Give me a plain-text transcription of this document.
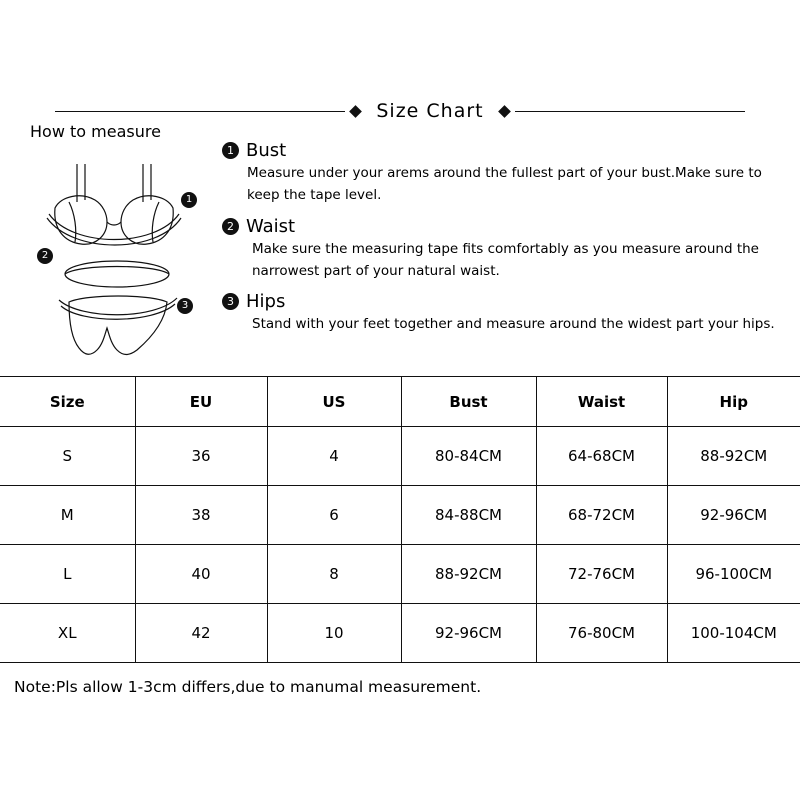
Size Chart
How to measure
1
2
3
1 Bust
Measure under your arems around the fullest part of your bust.Make sure to keep the tape level.
2 Waist
Make sure the measuring tape fits comfortably as you measure around the narrowest part of your natural waist.
3 Hips
Stand with your feet together and measure around the widest part your hips.
Size	EU	US	Bust	Waist	Hip
S	36	4	80-84CM	64-68CM	88-92CM
M	38	6	84-88CM	68-72CM	92-96CM
L	40	8	88-92CM	72-76CM	96-100CM
XL	42	10	92-96CM	76-80CM	100-104CM
Note:Pls allow 1-3cm differs,due to manumal measurement.
